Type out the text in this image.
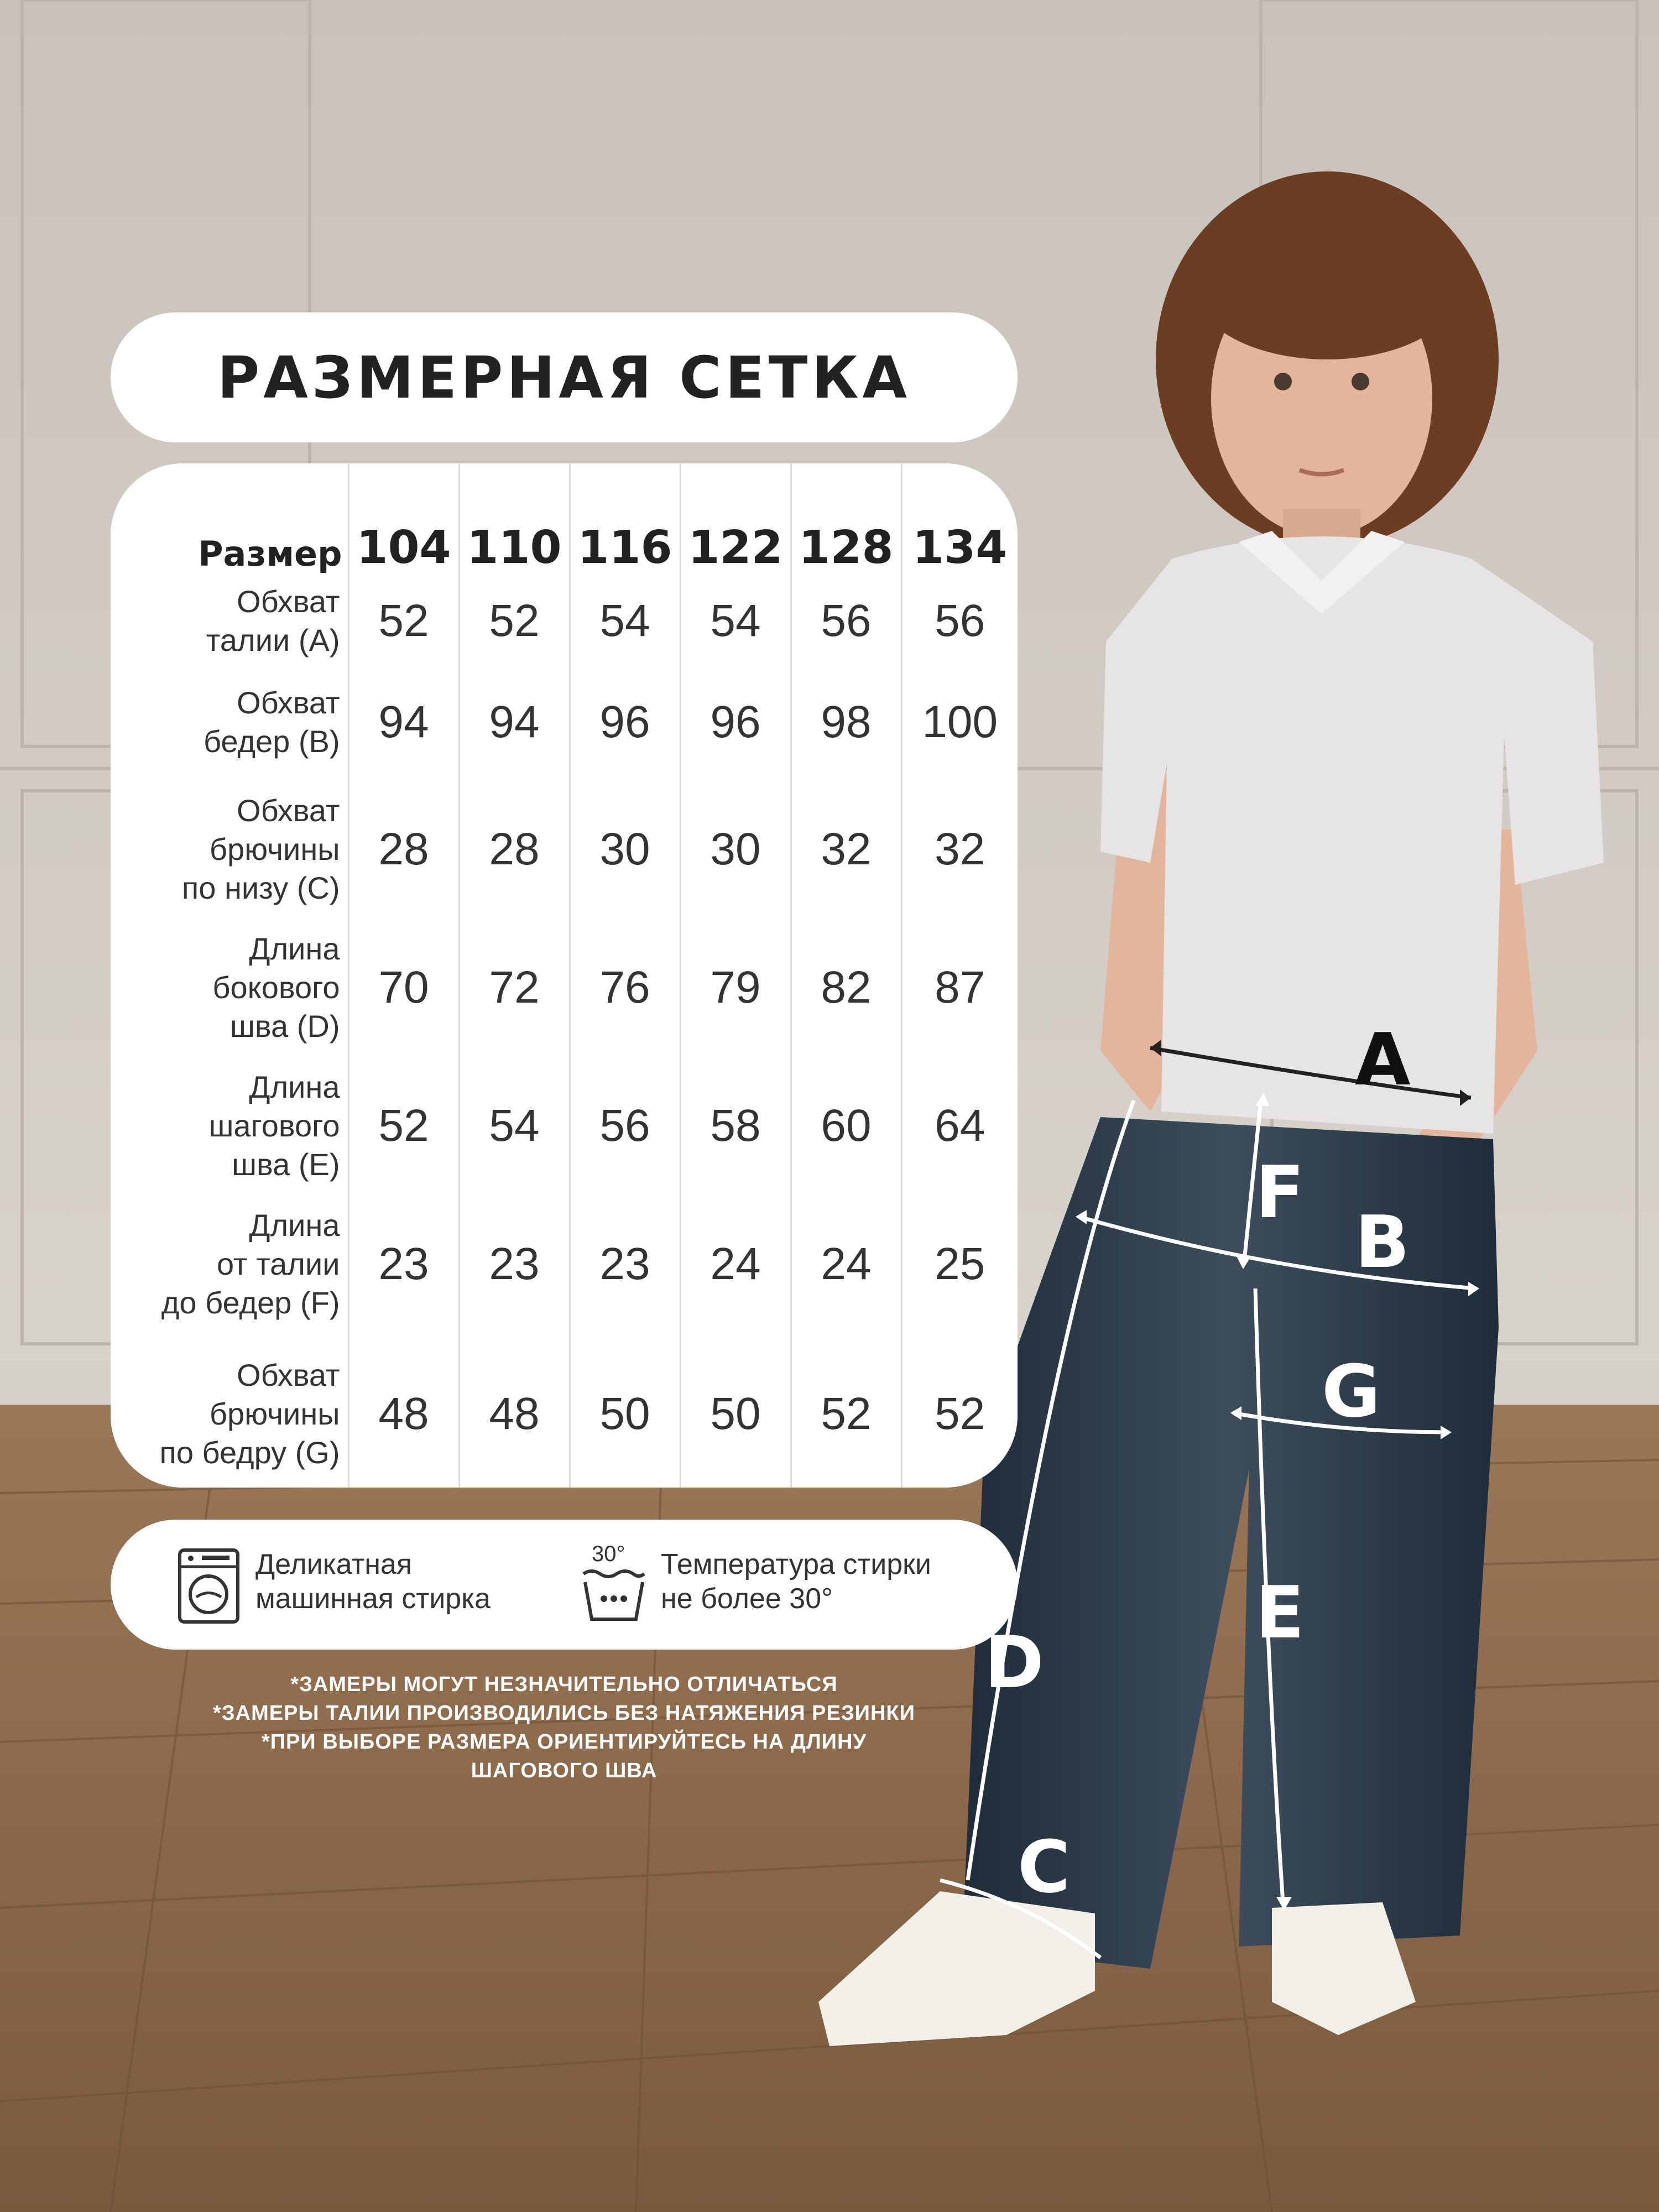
РАЗМЕРНАЯ СЕТКА
Размер	104	110	116	122	128	134

Обхват
талии (A)	52	52	54	54	56	56

Обхват
бедер (B)	94	94	96	96	98	100

Обхват
брючины
по низу (C)	28	28	30	30	32	32

Длина
бокового
шва (D)	70	72	76	79	82	87

Длина
шагового
шва (E)	52	54	56	58	60	64

Длина
от талии
до бедер (F)	23	23	23	24	24	25

Обхват
брючины
по бедру (G)	48	48	50	50	52	52
Деликатная
машинная стирка
30° Температура стирки
не более 30°
*ЗАМЕРЫ МОГУТ НЕЗНАЧИТЕЛЬНО ОТЛИЧАТЬСЯ
*ЗАМЕРЫ ТАЛИИ ПРОИЗВОДИЛИСЬ БЕЗ НАТЯЖЕНИЯ РЕЗИНКИ
*ПРИ ВЫБОРЕ РАЗМЕРА ОРИЕНТИРУЙТЕСЬ НА ДЛИНУ
ШАГОВОГО ШВА
A
F
B
G
E
D
C
